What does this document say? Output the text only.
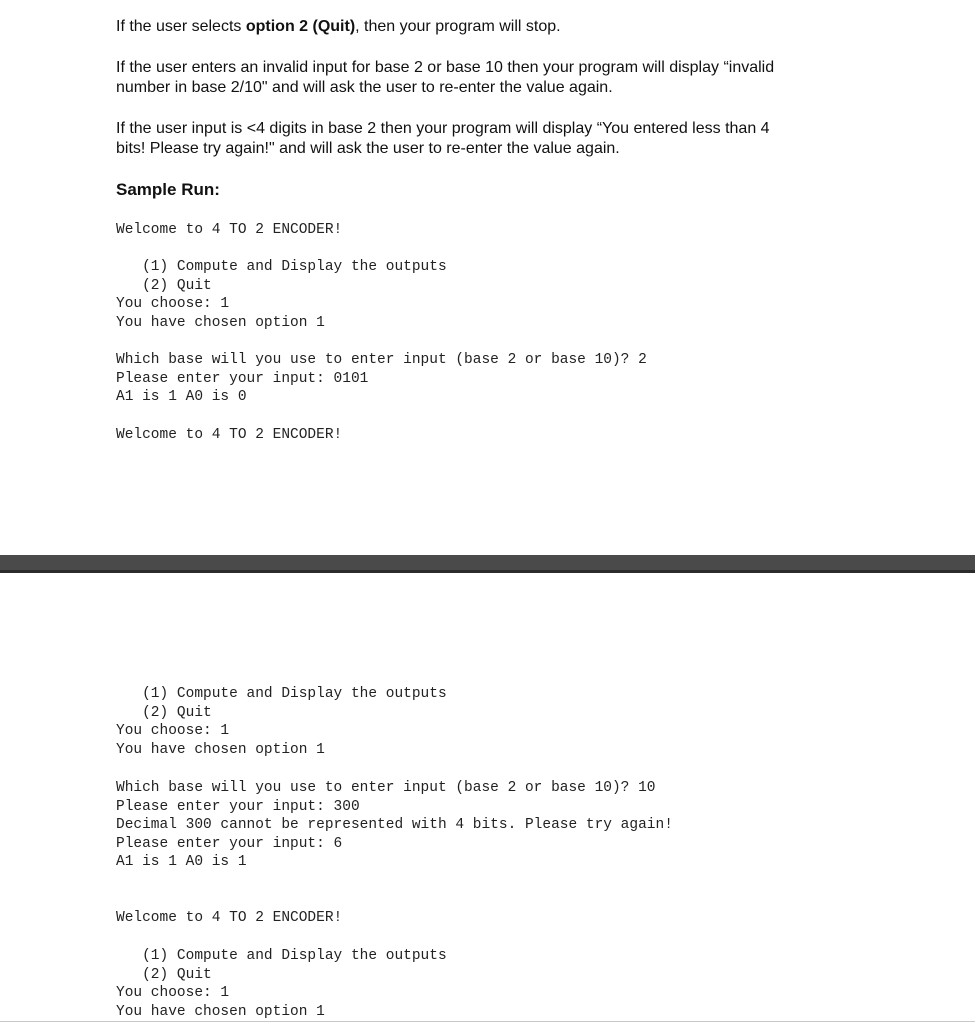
If the user selects option 2 (Quit), then your program will stop.

If the user enters an invalid input for base 2 or base 10 then your program will display “invalid
number in base 2/10" and will ask the user to re-enter the value again.

If the user input is <4 digits in base 2 then your program will display “You entered less than 4
bits! Please try again!" and will ask the user to re-enter the value again.

Sample Run:
Welcome to 4 TO 2 ENCODER!
(1) Compute and Display the outputs
(2) Quit
You choose: 1
You have chosen option 1
Which base will you use to enter input (base 2 or base 10)? 2
Please enter your input: 0101
A1 is 1 A0 is 0
Welcome to 4 TO 2 ENCODER!
(1) Compute and Display the outputs
(2) Quit
You choose: 1
You have chosen option 1
Which base will you use to enter input (base 2 or base 10)? 10
Please enter your input: 300
Decimal 300 cannot be represented with 4 bits. Please try again!
Please enter your input: 6
A1 is 1 A0 is 1
Welcome to 4 TO 2 ENCODER!
(1) Compute and Display the outputs
(2) Quit
You choose: 1
You have chosen option 1
